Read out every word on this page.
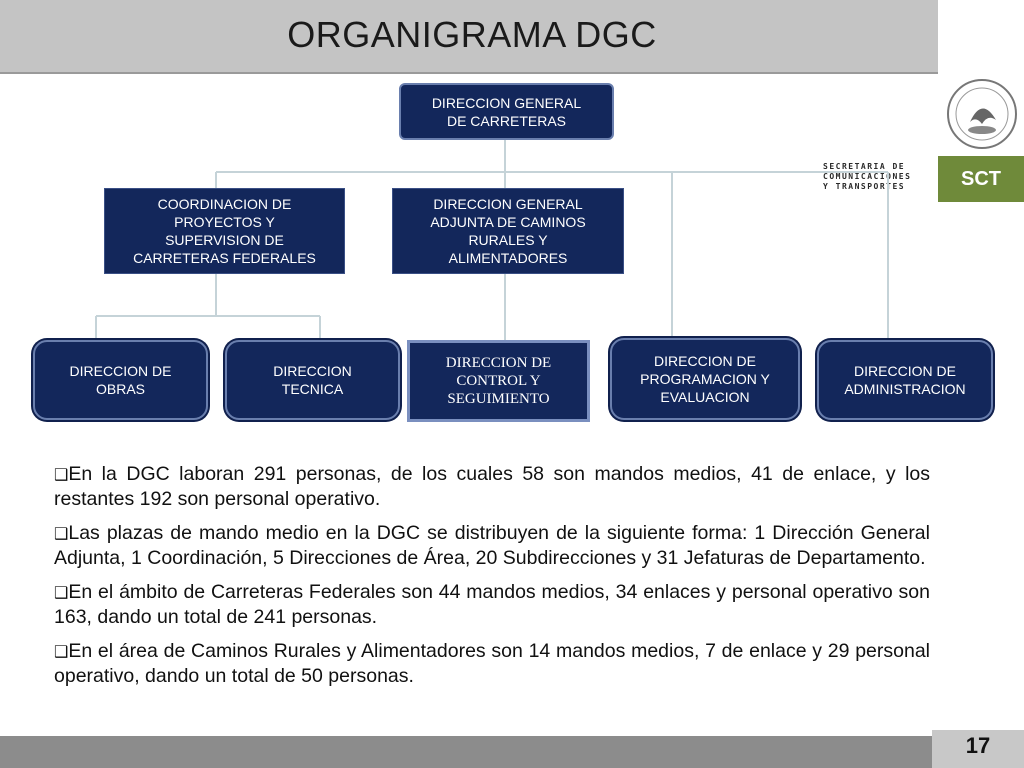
ORGANIGRAMA DGC
SECRETARIA DE
COMUNICACIONES
Y TRANSPORTES	SCT
DIRECCION GENERAL
DE CARRETERAS
COORDINACION DE
PROYECTOS Y
SUPERVISION DE
CARRETERAS FEDERALES
DIRECCION GENERAL
ADJUNTA DE CAMINOS
RURALES Y
ALIMENTADORES
DIRECCION DE
OBRAS
DIRECCION
TECNICA
DIRECCION DE
CONTROL Y
SEGUIMIENTO
DIRECCION DE
PROGRAMACION Y
EVALUACION
DIRECCION DE
ADMINISTRACION
❑En la DGC laboran 291 personas, de los cuales 58 son mandos medios, 41 de enlace, y los restantes 192 son personal operativo.
❑Las plazas de mando medio en la DGC se distribuyen de la siguiente forma: 1 Dirección General Adjunta, 1 Coordinación, 5 Direcciones de Área, 20 Subdirecciones y 31 Jefaturas de Departamento.
❑En el ámbito de Carreteras Federales son 44 mandos medios, 34 enlaces y personal operativo son 163, dando un total de 241 personas.
❑En el área de Caminos Rurales y Alimentadores son 14 mandos medios, 7 de enlace y 29 personal operativo, dando un total de 50 personas.
17
